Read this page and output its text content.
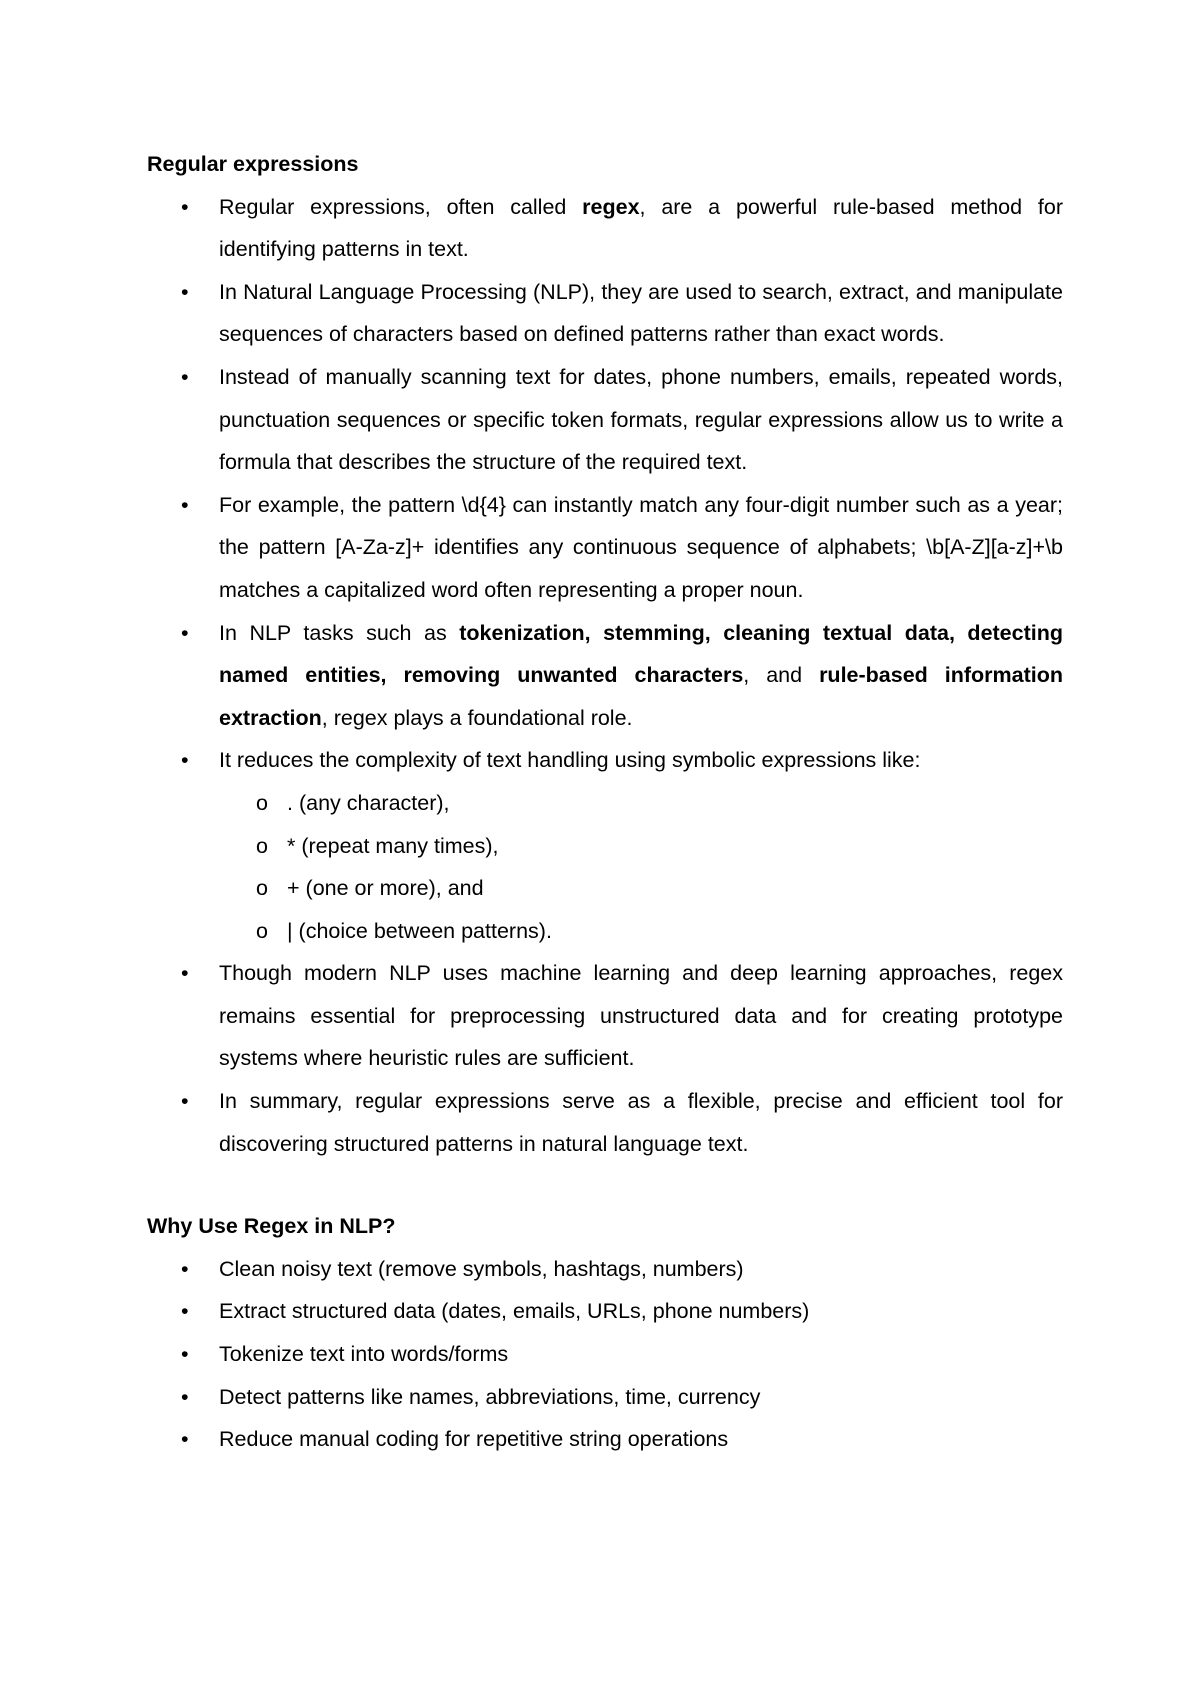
Regular expressions
• Regular expressions, often called regex, are a powerful rule-based method for identifying patterns in text.
• In Natural Language Processing (NLP), they are used to search, extract, and manipulate sequences of characters based on defined patterns rather than exact words.
• Instead of manually scanning text for dates, phone numbers, emails, repeated words, punctuation sequences or specific token formats, regular expressions allow us to write a formula that describes the structure of the required text.
• For example, the pattern \d{4} can instantly match any four-digit number such as a year; the pattern [A-Za-z]+ identifies any continuous sequence of alphabets; \b[A-Z][a-z]+\b matches a capitalized word often representing a proper noun.
• In NLP tasks such as tokenization, stemming, cleaning textual data, detecting named entities, removing unwanted characters, and rule-based information extraction, regex plays a foundational role.
• It reduces the complexity of text handling using symbolic expressions like:
o . (any character),
o * (repeat many times),
o + (one or more), and
o | (choice between patterns).
• Though modern NLP uses machine learning and deep learning approaches, regex remains essential for preprocessing unstructured data and for creating prototype systems where heuristic rules are sufficient.
• In summary, regular expressions serve as a flexible, precise and efficient tool for discovering structured patterns in natural language text.
Why Use Regex in NLP?
• Clean noisy text (remove symbols, hashtags, numbers)
• Extract structured data (dates, emails, URLs, phone numbers)
• Tokenize text into words/forms
• Detect patterns like names, abbreviations, time, currency
• Reduce manual coding for repetitive string operations
